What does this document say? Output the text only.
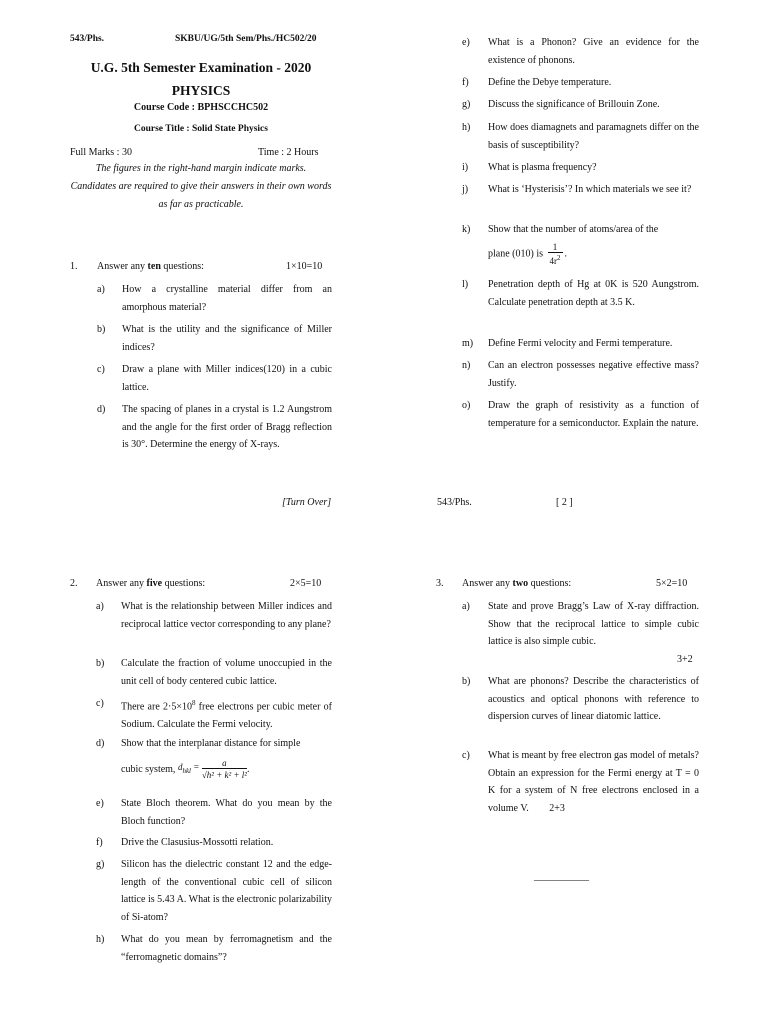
543/Phs.	SKBU/UG/5th Sem/Phs./HC502/20
U.G. 5th Semester Examination - 2020
PHYSICS
Course Code : BPHSCCHC502
Course Title : Solid State Physics
Full Marks : 30	Time : 2 Hours
The figures in the right-hand margin indicate marks.
Candidates are required to give their answers in their own words as far as practicable.
1. Answer any ten questions:	1×10=10
a)	How a crystalline material differ from an amorphous material?
b)	What is the utility and the significance of Miller indices?
c)	Draw a plane with Miller indices(120) in a cubic lattice.
d)	The spacing of planes in a crystal is 1.2 Aungstrom and the angle for the first order of Bragg reflection is 30°. Determine the energy of X-rays.
[Turn Over]
e)	What is a Phonon? Give an evidence for the existence of phonons.
f)	Define the Debye temperature.
g)	Discuss the significance of Brillouin Zone.
h)	How does diamagnets and paramagnets differ on the basis of susceptibility?
i)	What is plasma frequency?
j)	What is ‘Hysterisis’? In which materials we see it?
k)	Show that the number of atoms/area of the
plane (010) is $\frac{1}{4r^2}$ .
l)	Penetration depth of Hg at 0K is 520 Aungstrom. Calculate penetration depth at 3.5 K.
m)	Define Fermi velocity and Fermi temperature.
n)	Can an electron possesses negative effective mass? Justify.
o)	Draw the graph of resistivity as a function of temperature for a semiconductor. Explain the nature.
543/Phs.	[ 2 ]
2. Answer any five questions:	2×5=10
a)	What is the relationship between Miller indices and reciprocal lattice vector corresponding to any plane?
b)	Calculate the fraction of volume unoccupied in the unit cell of body centered cubic lattice.
c)	There are $2\cdot 5\times 10^8$ free electrons per cubic meter of Sodium. Calculate the Fermi velocity.
d)	Show that the interplanar distance for simple
cubic system, $d_{hkl} = \frac{a}{\text{√h² + k² + l²}}$ .
e)	State Bloch theorem. What do you mean by the Bloch function?
f)	Drive the Clasusius-Mossotti relation.
g)	Silicon has the dielectric constant 12 and the edge-length of the conventional cubic cell of silicon lattice is 5.43 A. What is the electronic polarizability of Si-atom?
h)	What do you mean by ferromagnetism and the “ferromagnetic domains”?
3. Answer any two questions:	5×2=10
a)	State and prove Bragg’s Law of X-ray diffraction. Show that the reciprocal lattice to simple cubic lattice is also simple cubic.
3+2
b)	What are phonons? Describe the characteristics of acoustics and optical phonons with reference to dispersion curves of linear diatomic lattice.
c)	What is meant by free electron gas model of metals? Obtain an expression for the Fermi energy at T = 0 K for a system of N free electrons enclosed in a volume V. 2+3
___________
